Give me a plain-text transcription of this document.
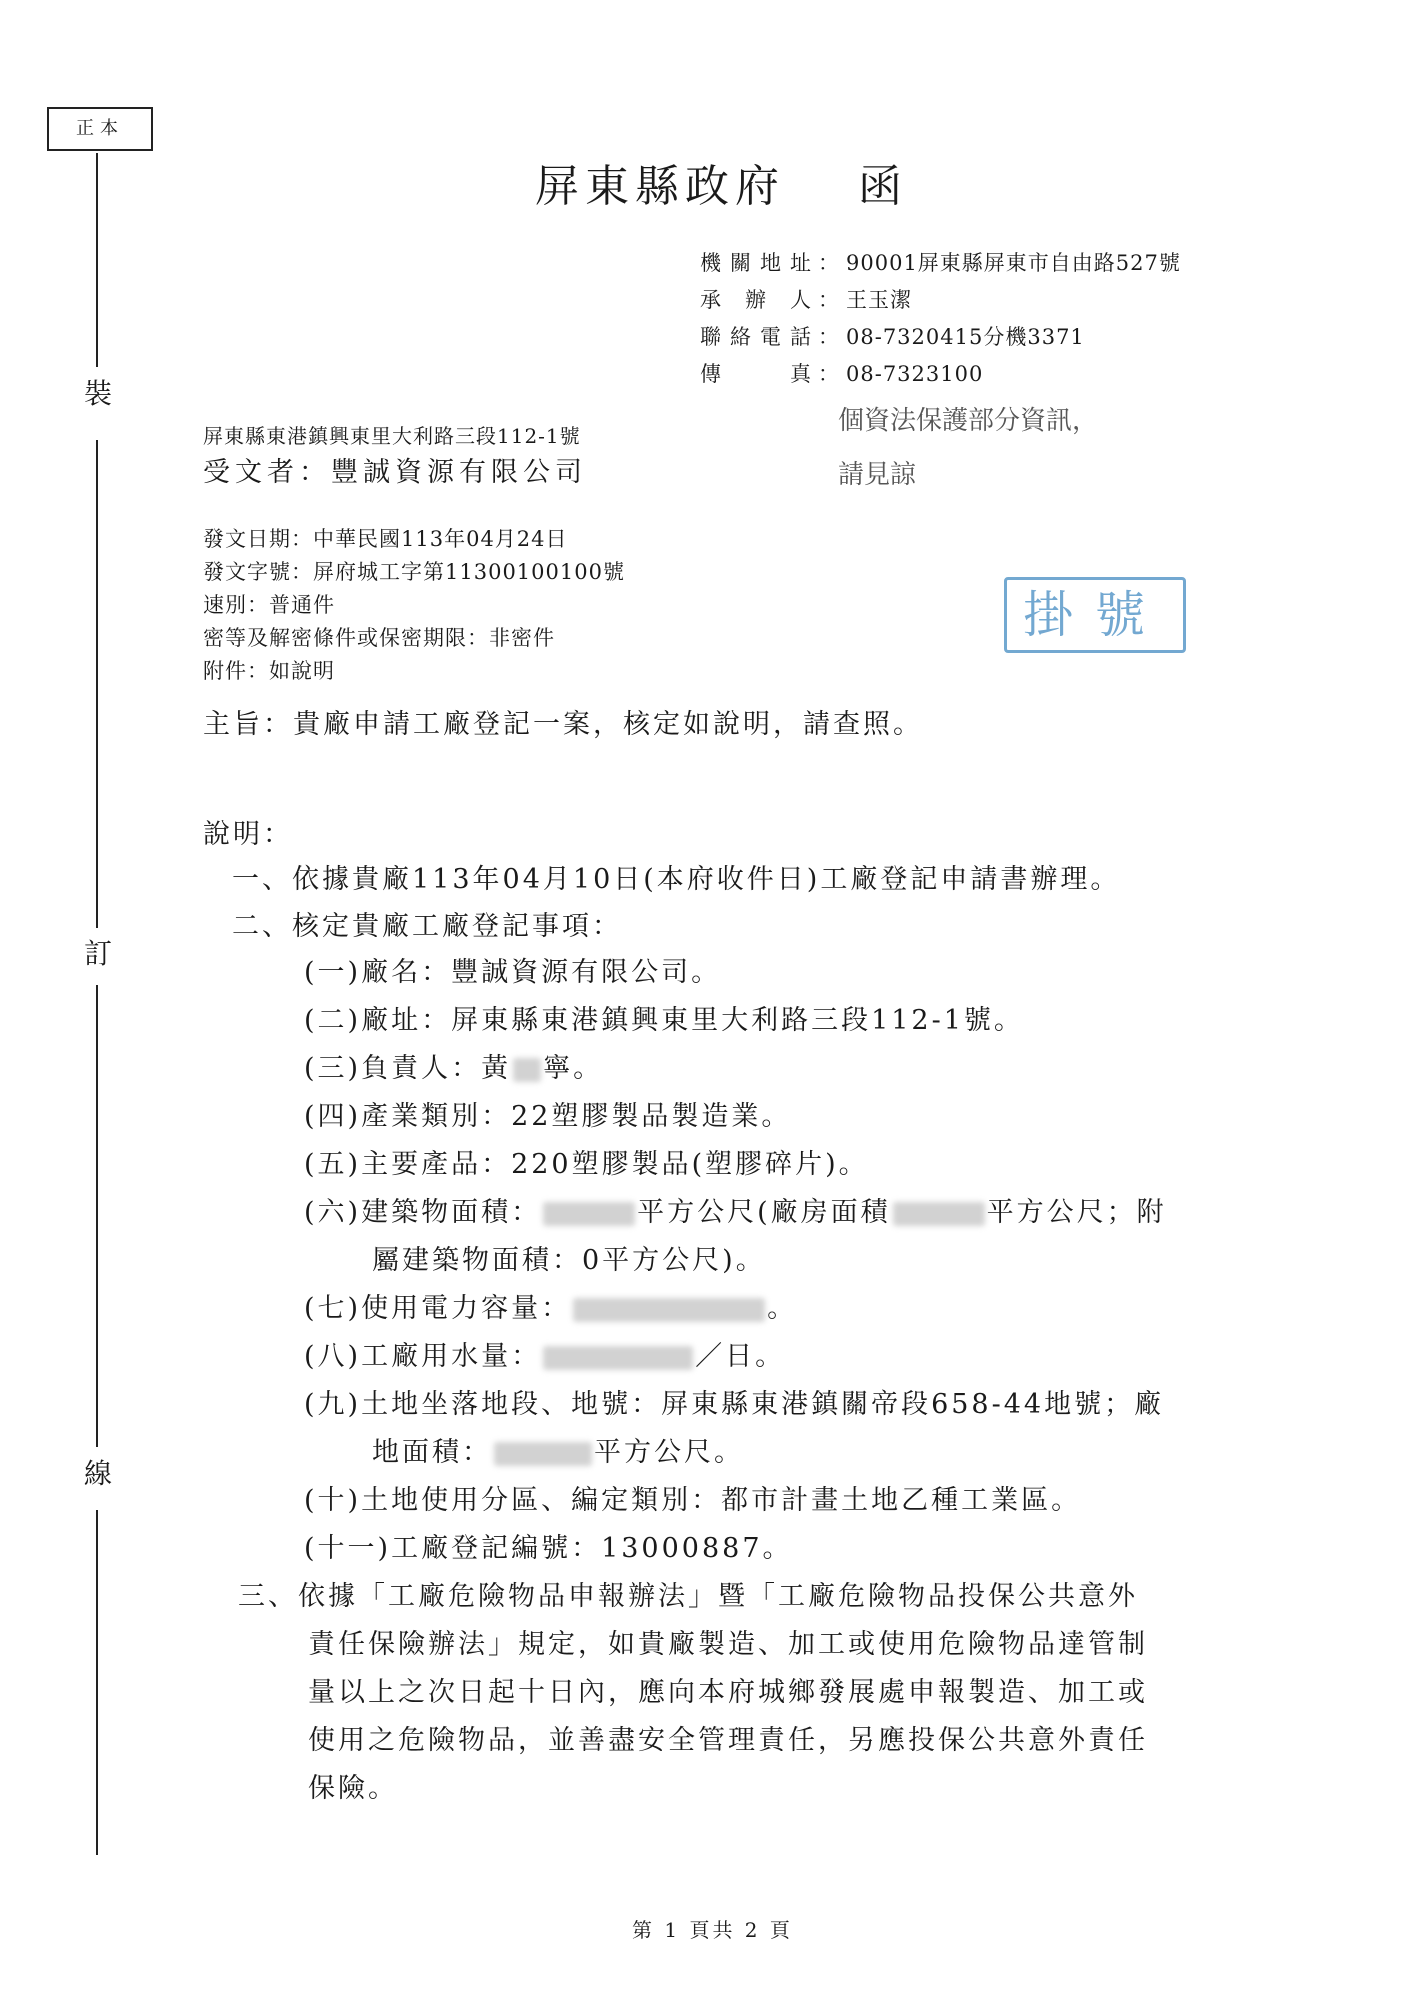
正本
裝
訂
線
屏東縣政府 函
機關地址 ： 90001屏東縣屏東市自由路527號
承辦人 ： 王玉潔
聯絡電話 ： 08-7320415分機3371
傳真 ： 08-7323100
個資法保護部分資訊，
請見諒
屏東縣東港鎮興東里大利路三段112-1號
受文者：豐誠資源有限公司
發文日期：中華民國113年04月24日
發文字號：屏府城工字第11300100100號
速別：普通件
密等及解密條件或保密期限：非密件
附件：如說明
掛號
主旨：貴廠申請工廠登記一案，核定如說明，請查照。
說明：
一、依據貴廠113年04月10日(本府收件日)工廠登記申請書辦理。
二、核定貴廠工廠登記事項：
(一)廠名：豐誠資源有限公司。
(二)廠址：屏東縣東港鎮興東里大利路三段112-1號。
(三)負責人：黃 寧。
(四)產業類別：22塑膠製品製造業。
(五)主要產品：220塑膠製品(塑膠碎片)。
(六)建築物面積：	平方公尺(廠房面積	平方公尺；附
屬建築物面積：0平方公尺)。
(七)使用電力容量：	。
(八)工廠用水量：	／日。
(九)土地坐落地段、地號：屏東縣東港鎮關帝段658-44地號；廠
地面積：	平方公尺。
(十)土地使用分區、編定類別：都市計畫土地乙種工業區。
(十一)工廠登記編號：13000887。
三、依據「工廠危險物品申報辦法」暨「工廠危險物品投保公共意外
責任保險辦法」規定，如貴廠製造、加工或使用危險物品達管制
量以上之次日起十日內，應向本府城鄉發展處申報製造、加工或
使用之危險物品，並善盡安全管理責任，另應投保公共意外責任
保險。
第 1 頁共 2 頁
